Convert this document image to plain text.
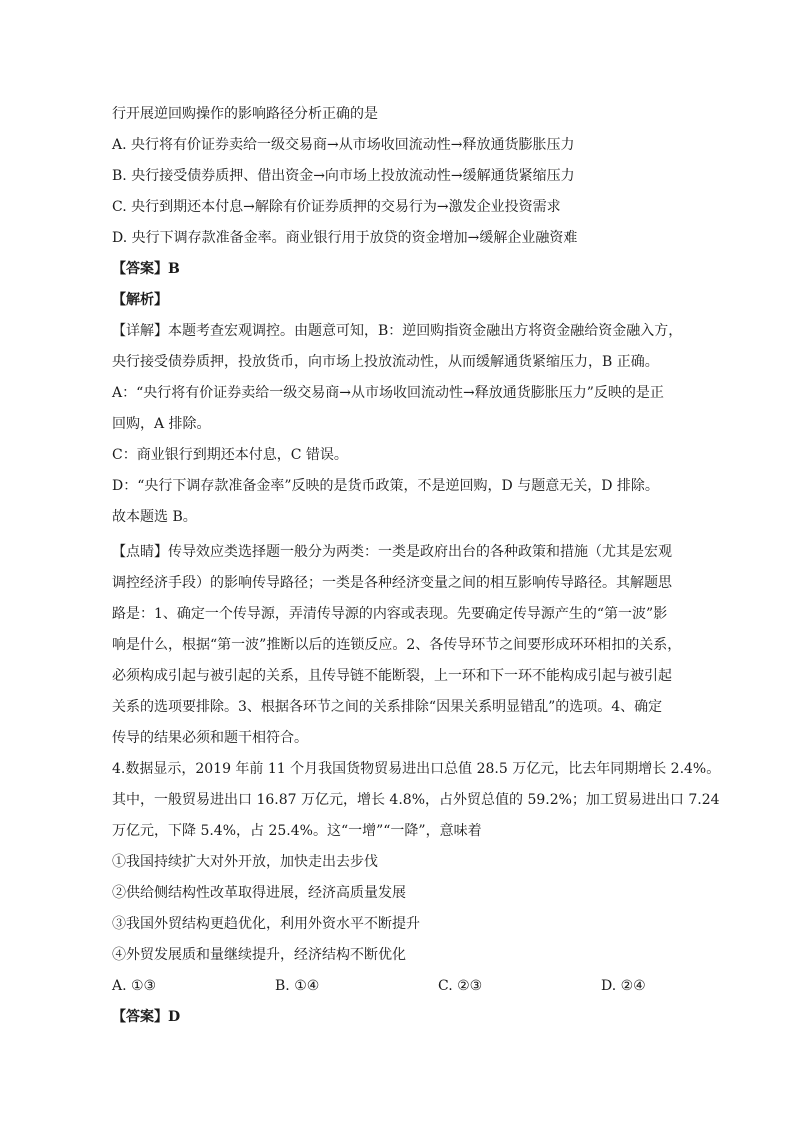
行开展逆回购操作的影响路径分析正确的是
A. 央行将有价证券卖给一级交易商→从市场收回流动性→释放通货膨胀压力
B. 央行接受债券质押、借出资金→向市场上投放流动性→缓解通货紧缩压力
C. 央行到期还本付息→解除有价证券质押的交易行为→激发企业投资需求
D. 央行下调存款准备金率。商业银行用于放贷的资金增加→缓解企业融资难
【答案】B
【解析】
【详解】本题考查宏观调控。由题意可知，B：逆回购指资金融出方将资金融给资金融入方，
央行接受债券质押，投放货币，向市场上投放流动性，从而缓解通货紧缩压力，B 正确。
A：“央行将有价证券卖给一级交易商→从市场收回流动性→释放通货膨胀压力”反映的是正
回购，A 排除。
C：商业银行到期还本付息，C 错误。
D：“央行下调存款准备金率”反映的是货币政策，不是逆回购，D 与题意无关，D 排除。
故本题选 B。
【点睛】传导效应类选择题一般分为两类：一类是政府出台的各种政策和措施（尤其是宏观
调控经济手段）的影响传导路径；一类是各种经济变量之间的相互影响传导路径。其解题思
路是：1、确定一个传导源，弄清传导源的内容或表现。先要确定传导源产生的“第一波”影
响是什么，根据“第一波”推断以后的连锁反应。2、各传导环节之间要形成环环相扣的关系，
必须构成引起与被引起的关系，且传导链不能断裂，上一环和下一环不能构成引起与被引起
关系的选项要排除。3、根据各环节之间的关系排除“因果关系明显错乱”的选项。4、确定
传导的结果必须和题干相符合。
4.数据显示，2019 年前 11 个月我国货物贸易进出口总值 28.5 万亿元，比去年同期增长 2.4%。
其中，一般贸易进出口 16.87 万亿元，增长 4.8%，占外贸总值的 59.2%；加工贸易进出口 7.24
万亿元，下降 5.4%，占 25.4%。这“一增”“一降”，意味着
①我国持续扩大对外开放，加快走出去步伐
②供给侧结构性改革取得进展，经济高质量发展
③我国外贸结构更趋优化，利用外资水平不断提升
④外贸发展质和量继续提升，经济结构不断优化
A. ①③	B. ①④	C. ②③	D. ②④
【答案】D
